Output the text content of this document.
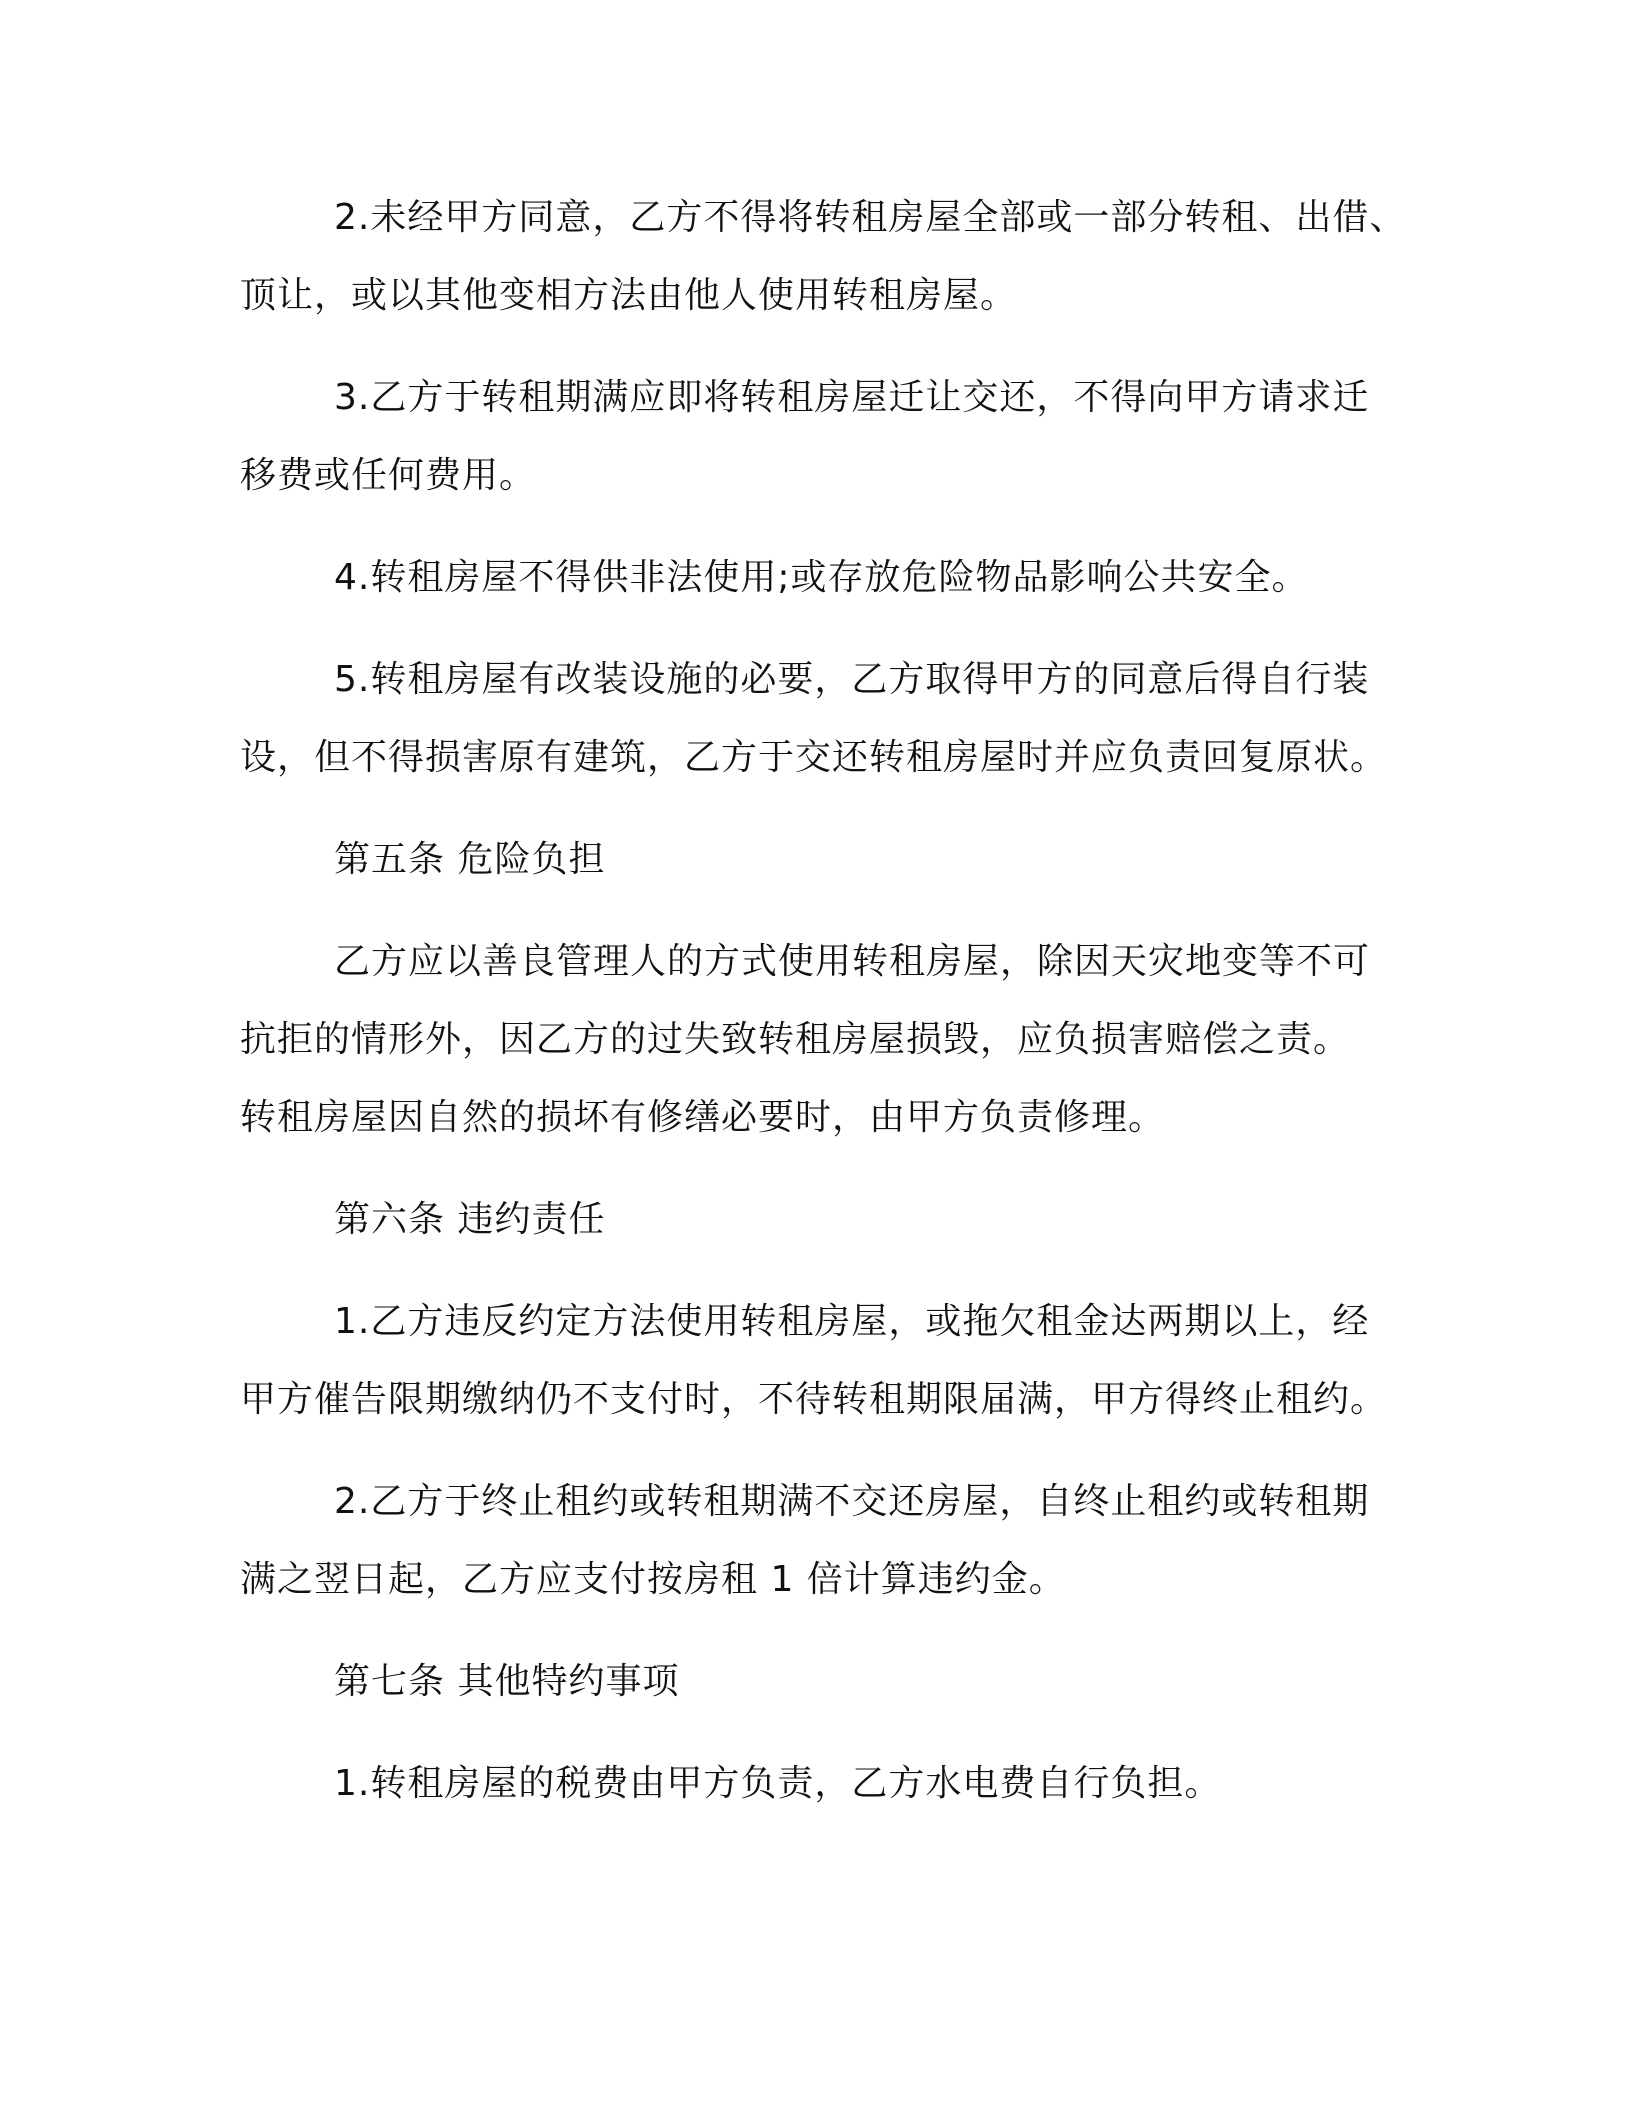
2.未经甲方同意，乙方不得将转租房屋全部或一部分转租、出借、
顶让，或以其他变相方法由他人使用转租房屋。
3.乙方于转租期满应即将转租房屋迁让交还，不得向甲方请求迁
移费或任何费用。
4.转租房屋不得供非法使用;或存放危险物品影响公共安全。
5.转租房屋有改装设施的必要，乙方取得甲方的同意后得自行装
设，但不得损害原有建筑，乙方于交还转租房屋时并应负责回复原状。
第五条 危险负担
乙方应以善良管理人的方式使用转租房屋，除因天灾地变等不可
抗拒的情形外，因乙方的过失致转租房屋损毁，应负损害赔偿之责。
转租房屋因自然的损坏有修缮必要时，由甲方负责修理。
第六条 违约责任
1.乙方违反约定方法使用转租房屋，或拖欠租金达两期以上，经
甲方催告限期缴纳仍不支付时，不待转租期限届满，甲方得终止租约。
2.乙方于终止租约或转租期满不交还房屋，自终止租约或转租期
满之翌日起，乙方应支付按房租 1 倍计算违约金。
第七条 其他特约事项
1.转租房屋的税费由甲方负责，乙方水电费自行负担。
